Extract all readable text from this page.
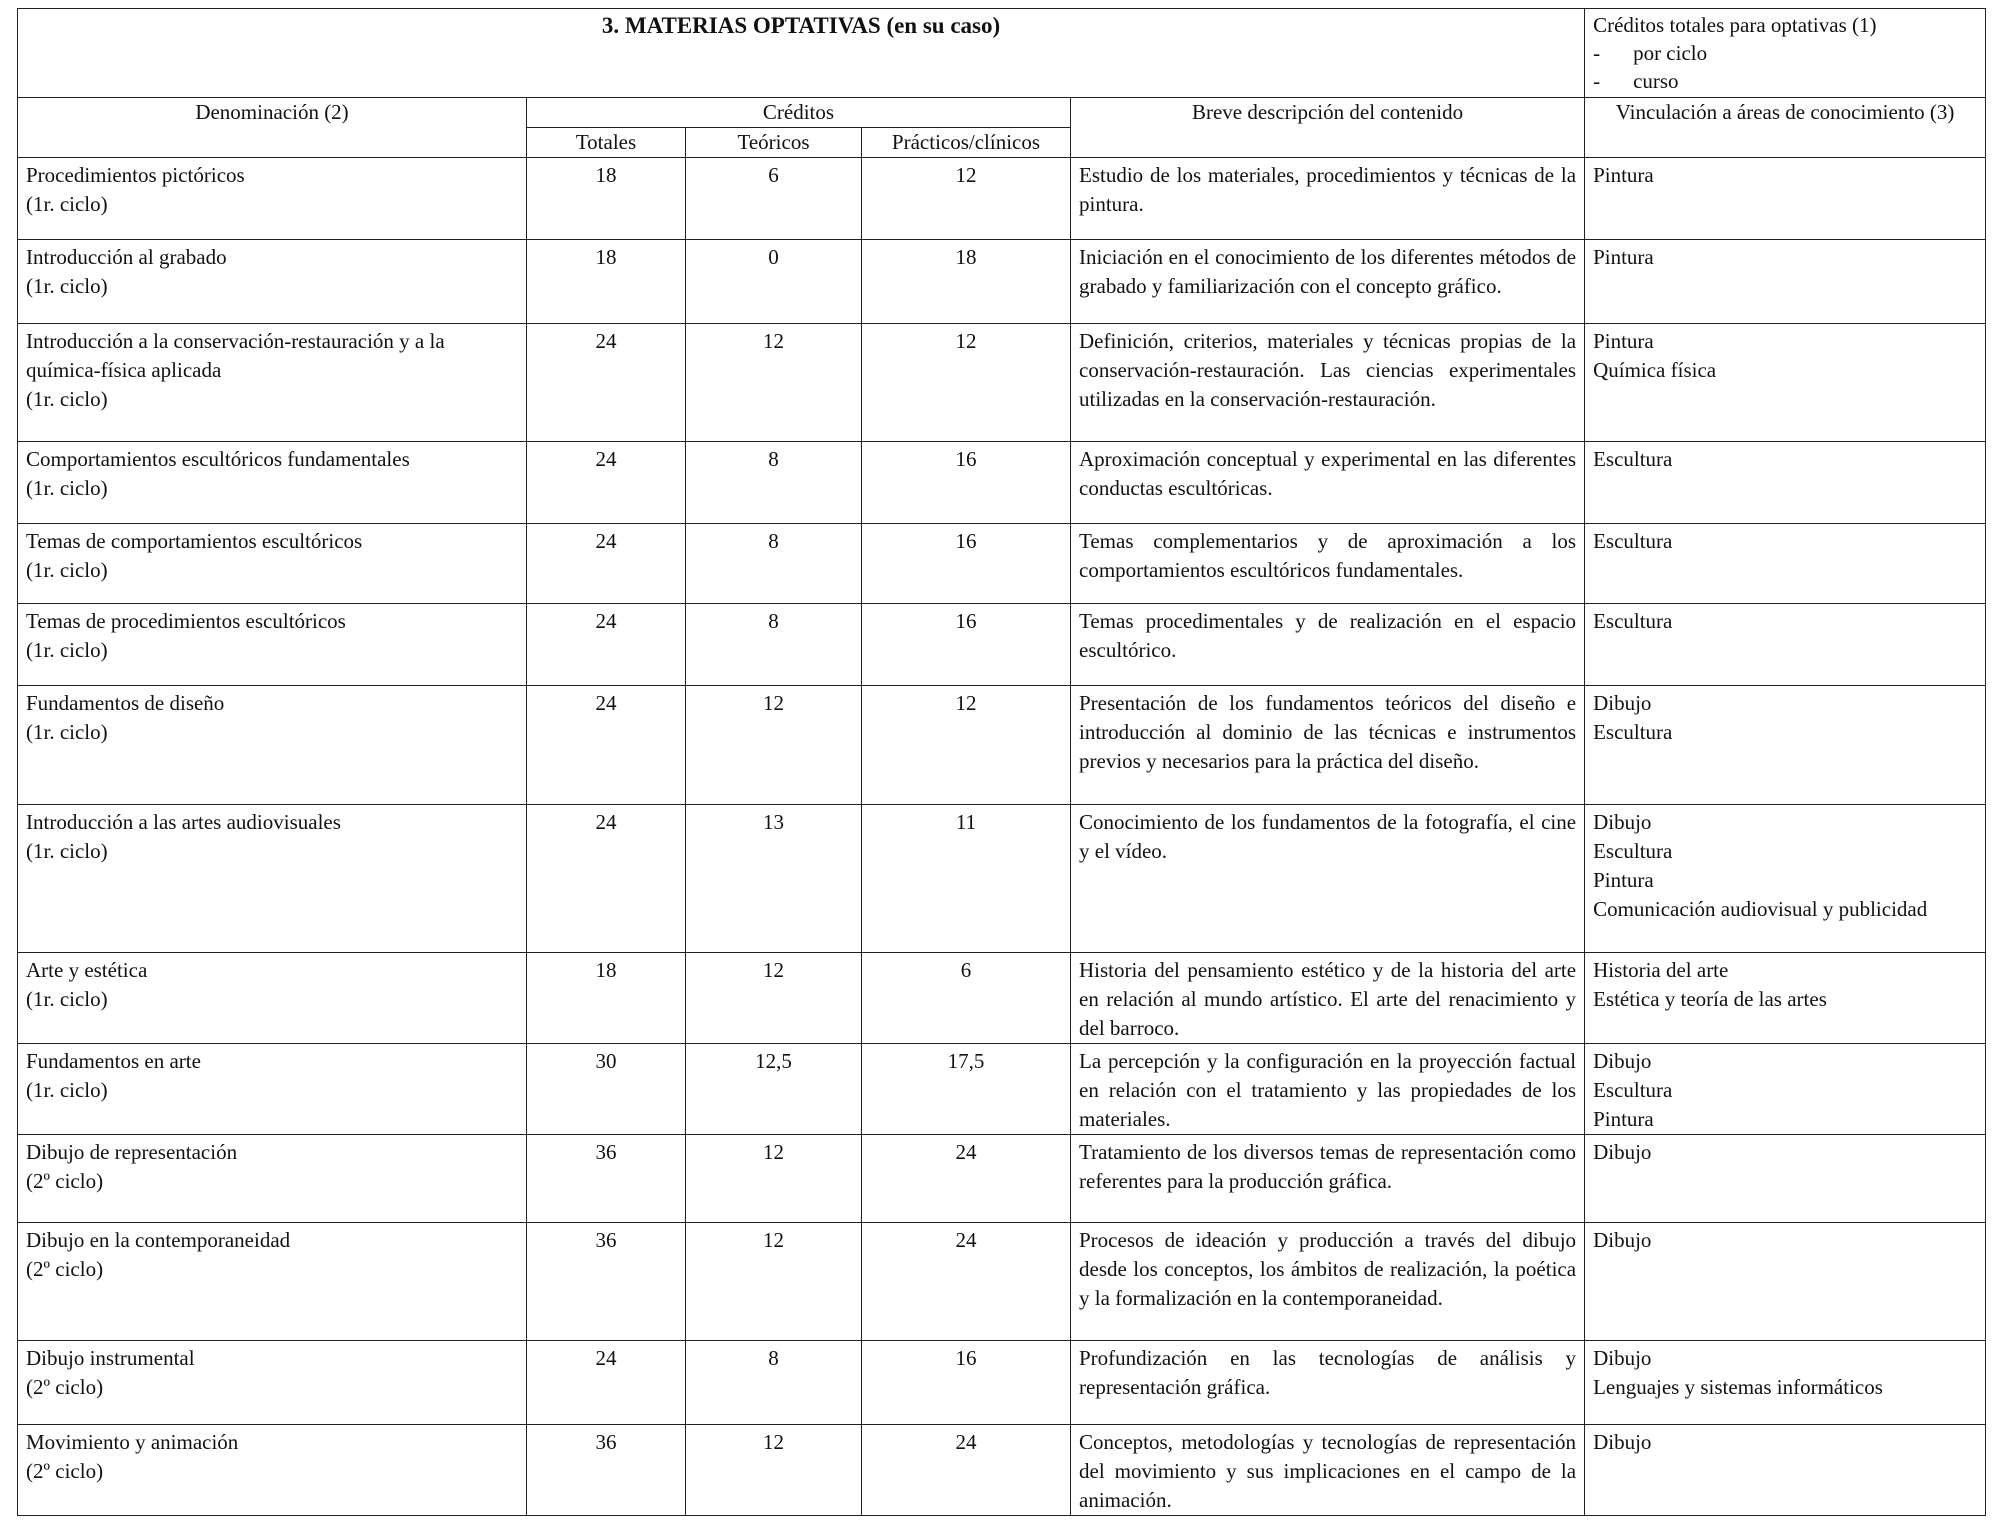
3. MATERIAS OPTATIVAS (en su caso)					Créditos totales para optativas (1)
- por ciclo
- curso

Denominación (2)	Créditos			Breve descripción del contenido	Vinculación a áreas de conocimiento (3)
	Totales	Teóricos	Prácticos/clínicos		

Procedimientos pictóricos
(1r. ciclo)	18	6	12	Estudio de los materiales, procedimientos y técnicas de la pintura.	Pintura

Introducción al grabado
(1r. ciclo)	18	0	18	Iniciación en el conocimiento de los diferentes métodos de grabado y familiarización con el concepto gráfico.	Pintura

Introducción a la conservación-restauración y a la química-física aplicada
(1r. ciclo)	24	12	12	Definición, criterios, materiales y técnicas propias de la conservación-restauración. Las ciencias experimentales utilizadas en la conservación-restauración.	Pintura
Química física

Comportamientos escultóricos fundamentales
(1r. ciclo)	24	8	16	Aproximación conceptual y experimental en las diferentes conductas escultóricas.	Escultura

Temas de comportamientos escultóricos
(1r. ciclo)	24	8	16	Temas complementarios y de aproximación a los comportamientos escultóricos fundamentales.	Escultura

Temas de procedimientos escultóricos
(1r. ciclo)	24	8	16	Temas procedimentales y de realización en el espacio escultórico.	Escultura

Fundamentos de diseño
(1r. ciclo)	24	12	12	Presentación de los fundamentos teóricos del diseño e introducción al dominio de las técnicas e instrumentos previos y necesarios para la práctica del diseño.	Dibujo
Escultura

Introducción a las artes audiovisuales
(1r. ciclo)	24	13	11	Conocimiento de los fundamentos de la fotografía, el cine y el vídeo.	Dibujo
Escultura
Pintura
Comunicación audiovisual y publicidad

Arte y estética
(1r. ciclo)	18	12	6	Historia del pensamiento estético y de la historia del arte en relación al mundo artístico. El arte del renacimiento y del barroco.	Historia del arte
Estética y teoría de las artes

Fundamentos en arte
(1r. ciclo)	30	12,5	17,5	La percepción y la configuración en la proyección factual en relación con el tratamiento y las propiedades de los materiales.	Dibujo
Escultura
Pintura

Dibujo de representación
(2º ciclo)	36	12	24	Tratamiento de los diversos temas de representación como referentes para la producción gráfica.	Dibujo

Dibujo en la contemporaneidad
(2º ciclo)	36	12	24	Procesos de ideación y producción a través del dibujo desde los conceptos, los ámbitos de realización, la poética y la formalización en la contemporaneidad.	Dibujo

Dibujo instrumental
(2º ciclo)	24	8	16	Profundización en las tecnologías de análisis y representación gráfica.	Dibujo
Lenguajes y sistemas informáticos

Movimiento y animación
(2º ciclo)	36	12	24	Conceptos, metodologías y tecnologías de representación del movimiento y sus implicaciones en el campo de la animación.	Dibujo
